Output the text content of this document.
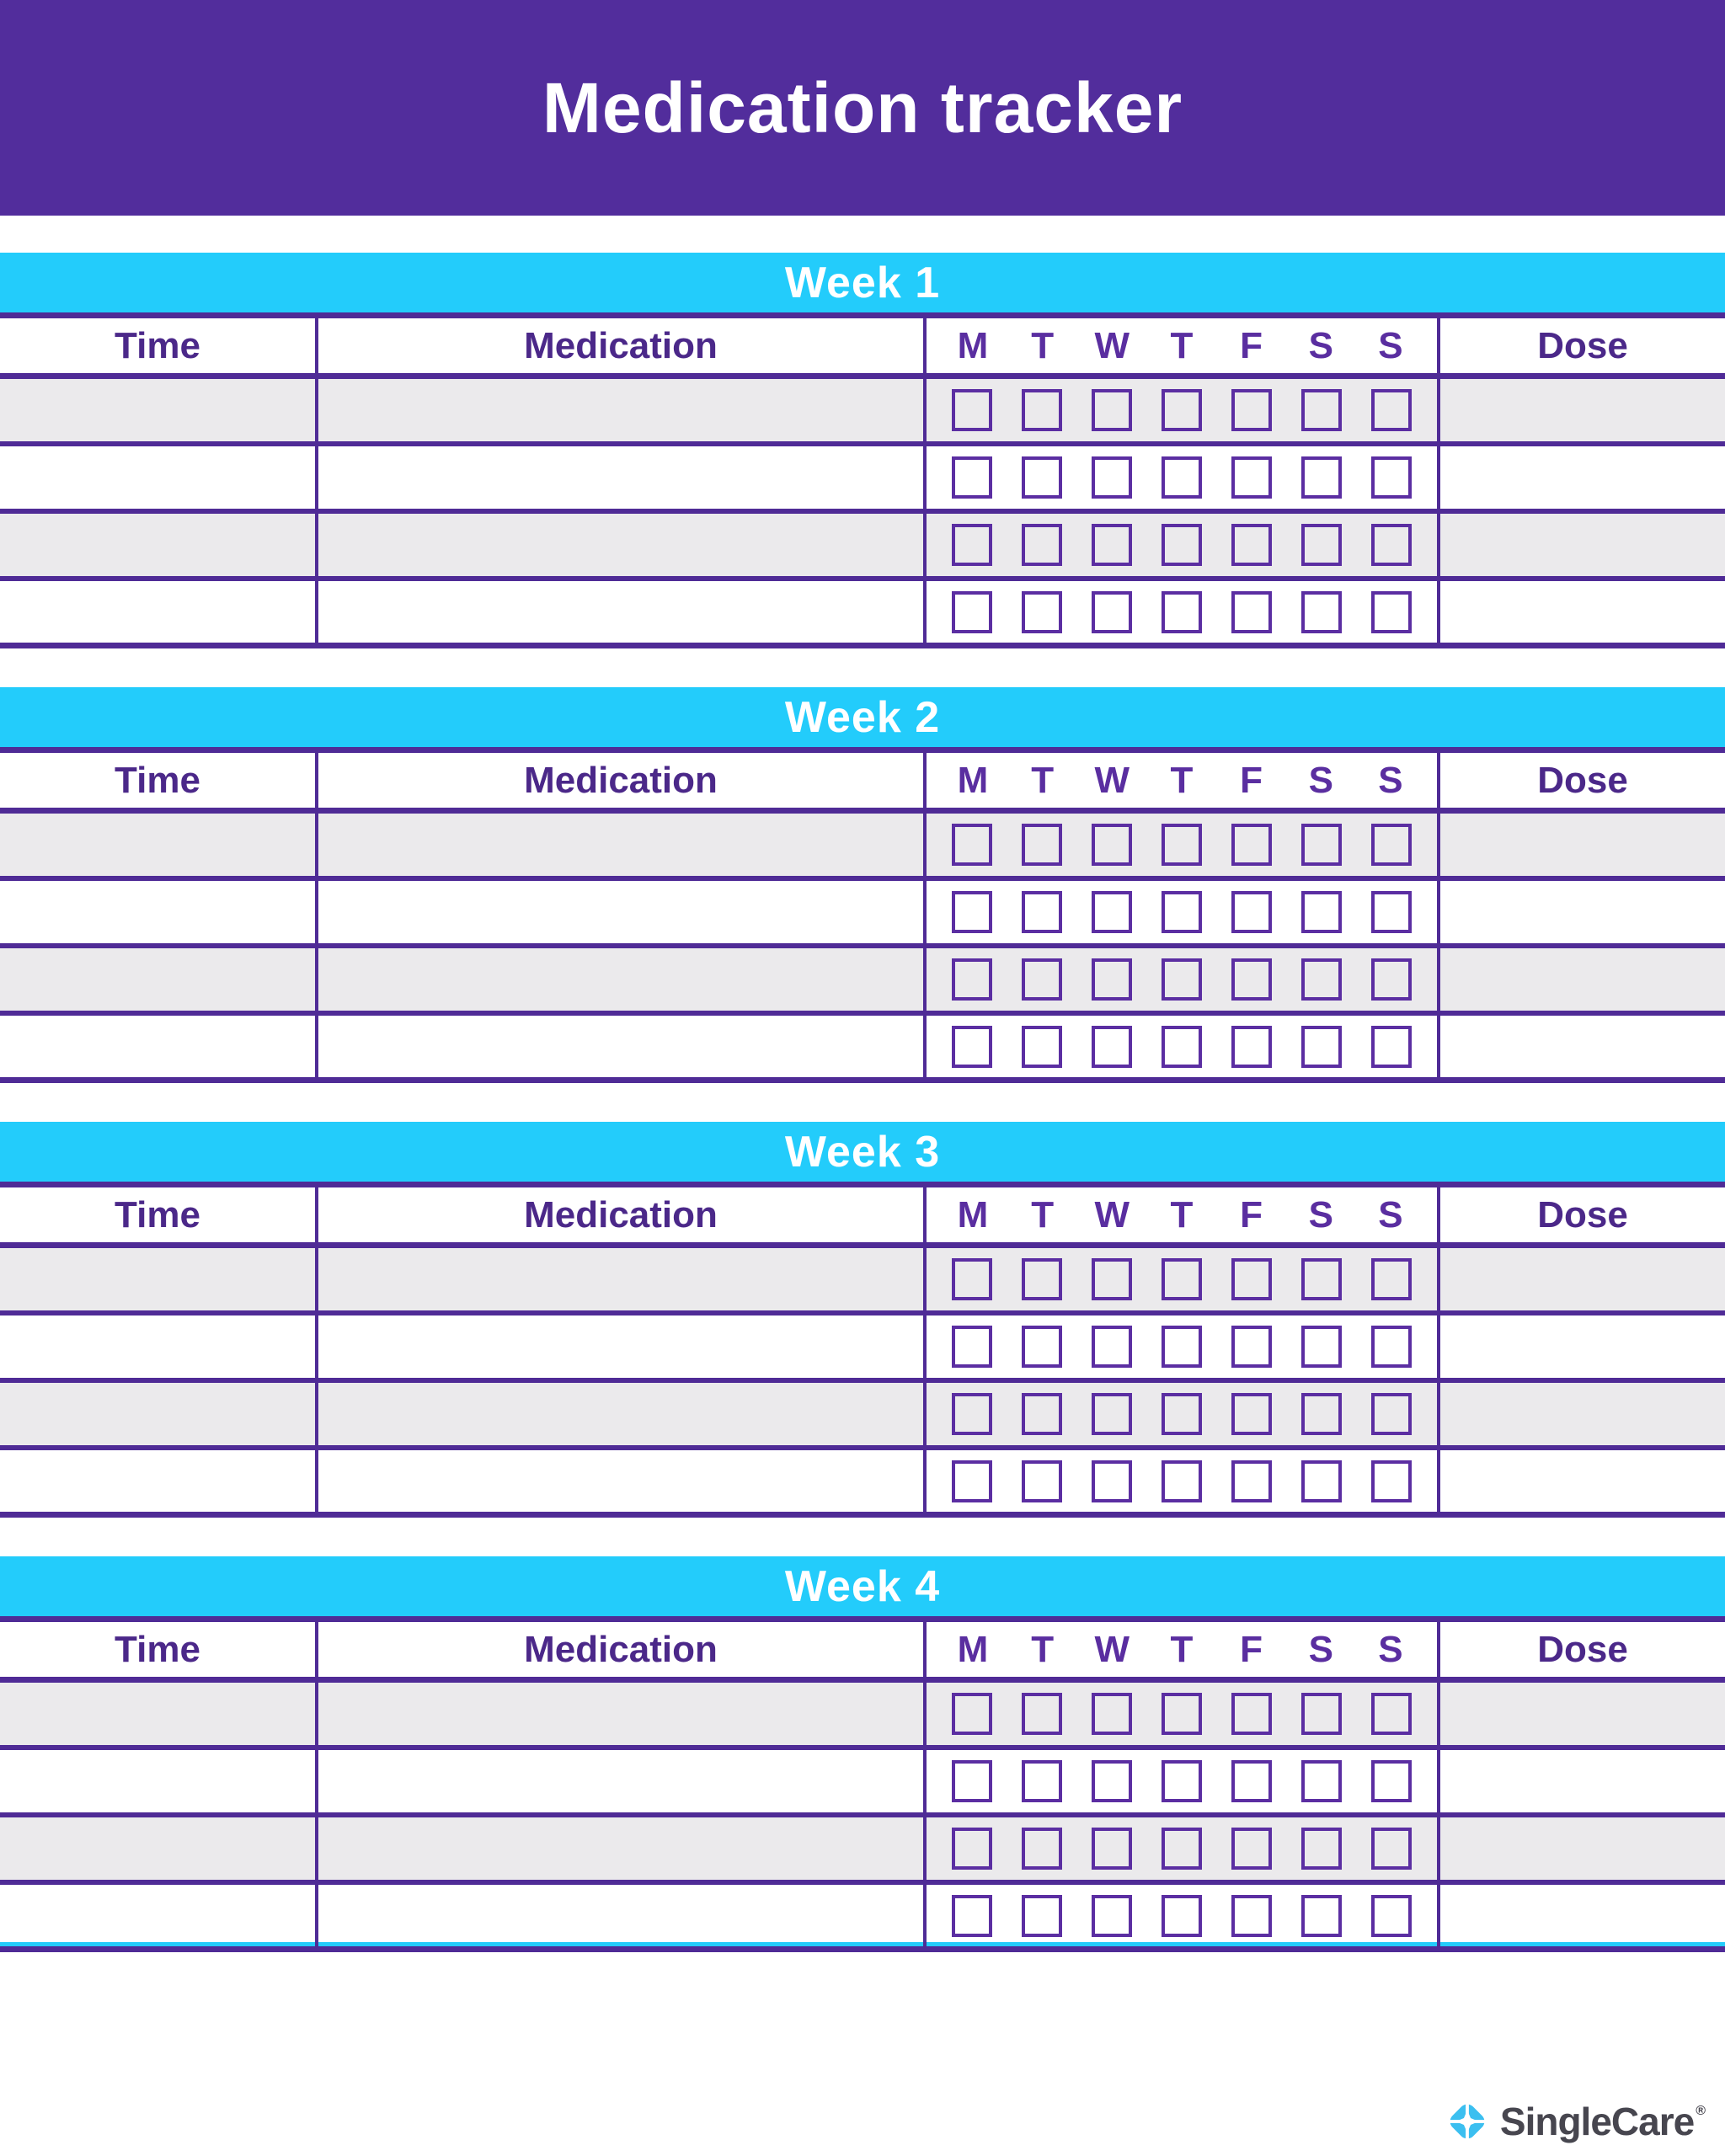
Medication tracker
Week 1
Time	Medication	M T W T F S S	Dose
Week 2
Time	Medication	M T W T F S S	Dose
Week 3
Time	Medication	M T W T F S S	Dose
Week 4
Time	Medication	M T W T F S S	Dose
SingleCare ®
